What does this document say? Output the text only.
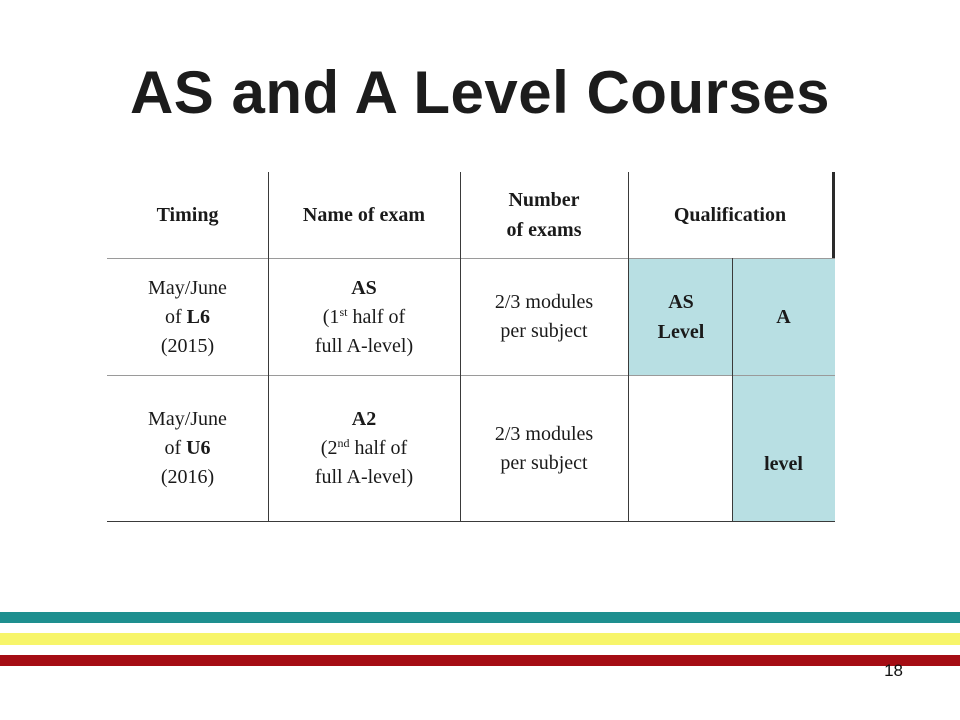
AS and A Level Courses
Timing	Name of exam
Number
of exams
Qualification
May/June
of L6
(2015)
AS
(1st half of
full A-level)
2/3 modules
per subject
AS
Level
A
May/June
of U6
(2016)
A2
(2nd half of
full A-level)
2/3 modules
per subject	level
18
